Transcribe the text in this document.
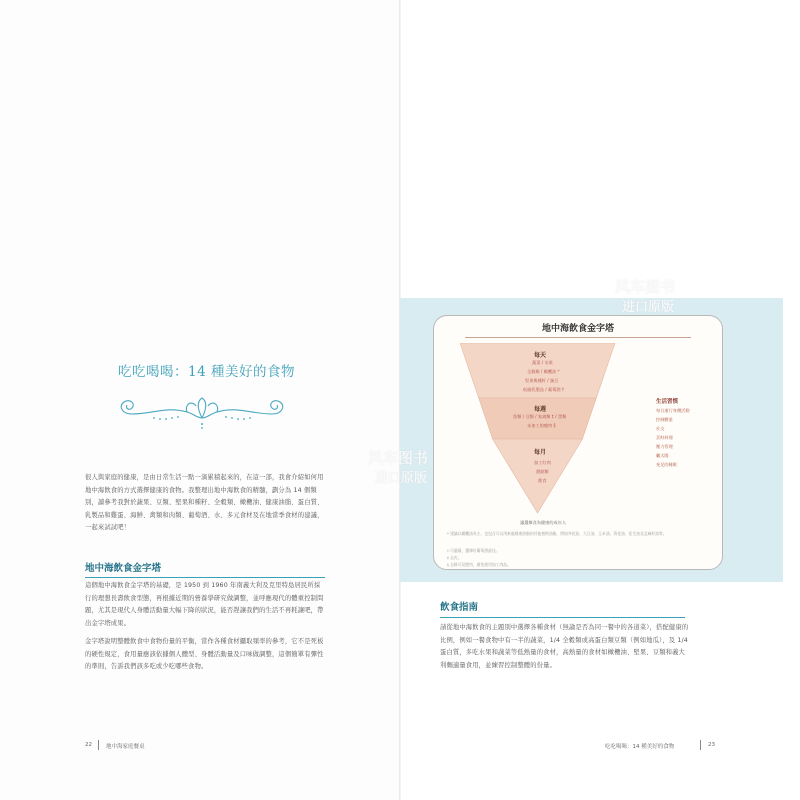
吃吃喝喝：14 種美好的食物
很人與家庭的健康，是由日常生活一點一滴累積起來的，在這一部，我會介紹如何用地中海飲食的方式選擇健康的食物。我整理出地中海飲食的精髓，劃分為 14 個類別，讀參考我對於蔬果、豆類、堅果和種籽、全穀類、橄欖油、健康油脂、蛋白質、乳製品和雞蛋、海鮮、禽類和肉類、葡萄酒、水、多元食材及在地當季食材的建議，一起來試試吧！
地中海飲食金字塔
這個地中海飲食金字塔的基礎，是 1950 到 1960 年南義大利及克里特島居民所採行的理想長壽飲食型態，再根據近期的營養學研究做調整，並呼應現代的體重控制問題，尤其是現代人身體活動量大幅下降的狀況，能否趕讓我們的生活不再耗讓吧，帶出金字塔成果。
金字塔說明整體飲食中食物份量的平衡，當作各種食材攝取頻率的參考，它不是死板的硬性規定，食用量應該依據個人體型、身體活動量及口味做調整，這個簡單有彈性的準則，告訴我們該多吃或少吃哪些食物。
22	地中海家庭餐桌
地中海飲食金字塔
每天
蔬菜 / 水果
全穀類 / 橄欖油 *
堅果與種籽 / 豌豆
低脂乳製品 / 葡萄酒 †
每週
魚類 / 豆類 / 家禽類 ‡ / 蛋類
未加工的瘦肉 §
每月
加工紅肉
甜點類
甜食
生活習慣
每日運行身體活動
控制體重
社交
烹飪料理
壓力管理
曬太陽
充足的睡眠
讓選擇食為健康的成年人
* 建議以橄欖油為主，也包含可以用來做健康油脂的其他植物油脂，例如芥花油、大豆油、玉米油、葵花油、花生油及亞麻籽油等。
† 可適量，選擇紅葡萄酒最佳。
‡ 去皮。
§ 去除可見肥肉，避免使用加工肉品。
飲食指南
請從地中海飲食的主題別中選擇各種食材（無論是否為同一餐中的各道菜），搭配健康的比例，例如一餐食物中有一半的蔬菜，1/4 全穀類或高蛋白類豆類（例如地瓜），及 1/4 蛋白質，多吃水果和蔬菜等低熱量的食材，高熱量的食材如橄欖油、堅果、豆類和義大利麵適量食用，並練習控制整體的份量。
吃吃喝喝：14 種美好的食物	23
风车图书
进口原版
风车图书
进口原版
